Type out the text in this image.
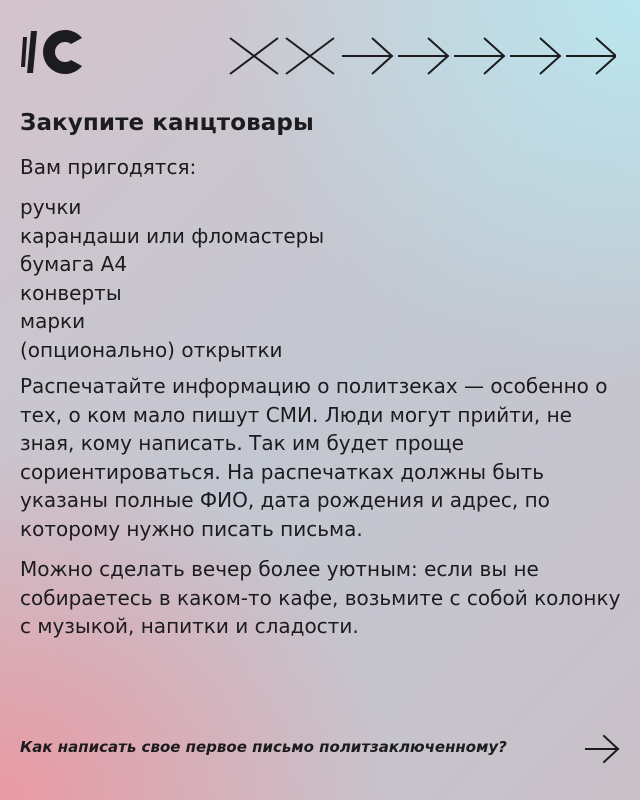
Закупите канцтовары
Вам пригодятся:
ручки
карандаши или фломастеры
бумага А4
конверты
марки
(опционально) открытки

Распечатайте информацию о политзеках — особенно о тех, о ком мало пишут СМИ. Люди могут прийти, не зная, кому написать. Так им будет проще сориентироваться. На распечатках должны быть указаны полные ФИО, дата рождения и адрес, по которому нужно писать письма.

Можно сделать вечер более уютным: если вы не собираетесь в каком-то кафе, возьмите с собой колонку с музыкой, напитки и сладости.

Как написать свое первое письмо политзаключенному?
